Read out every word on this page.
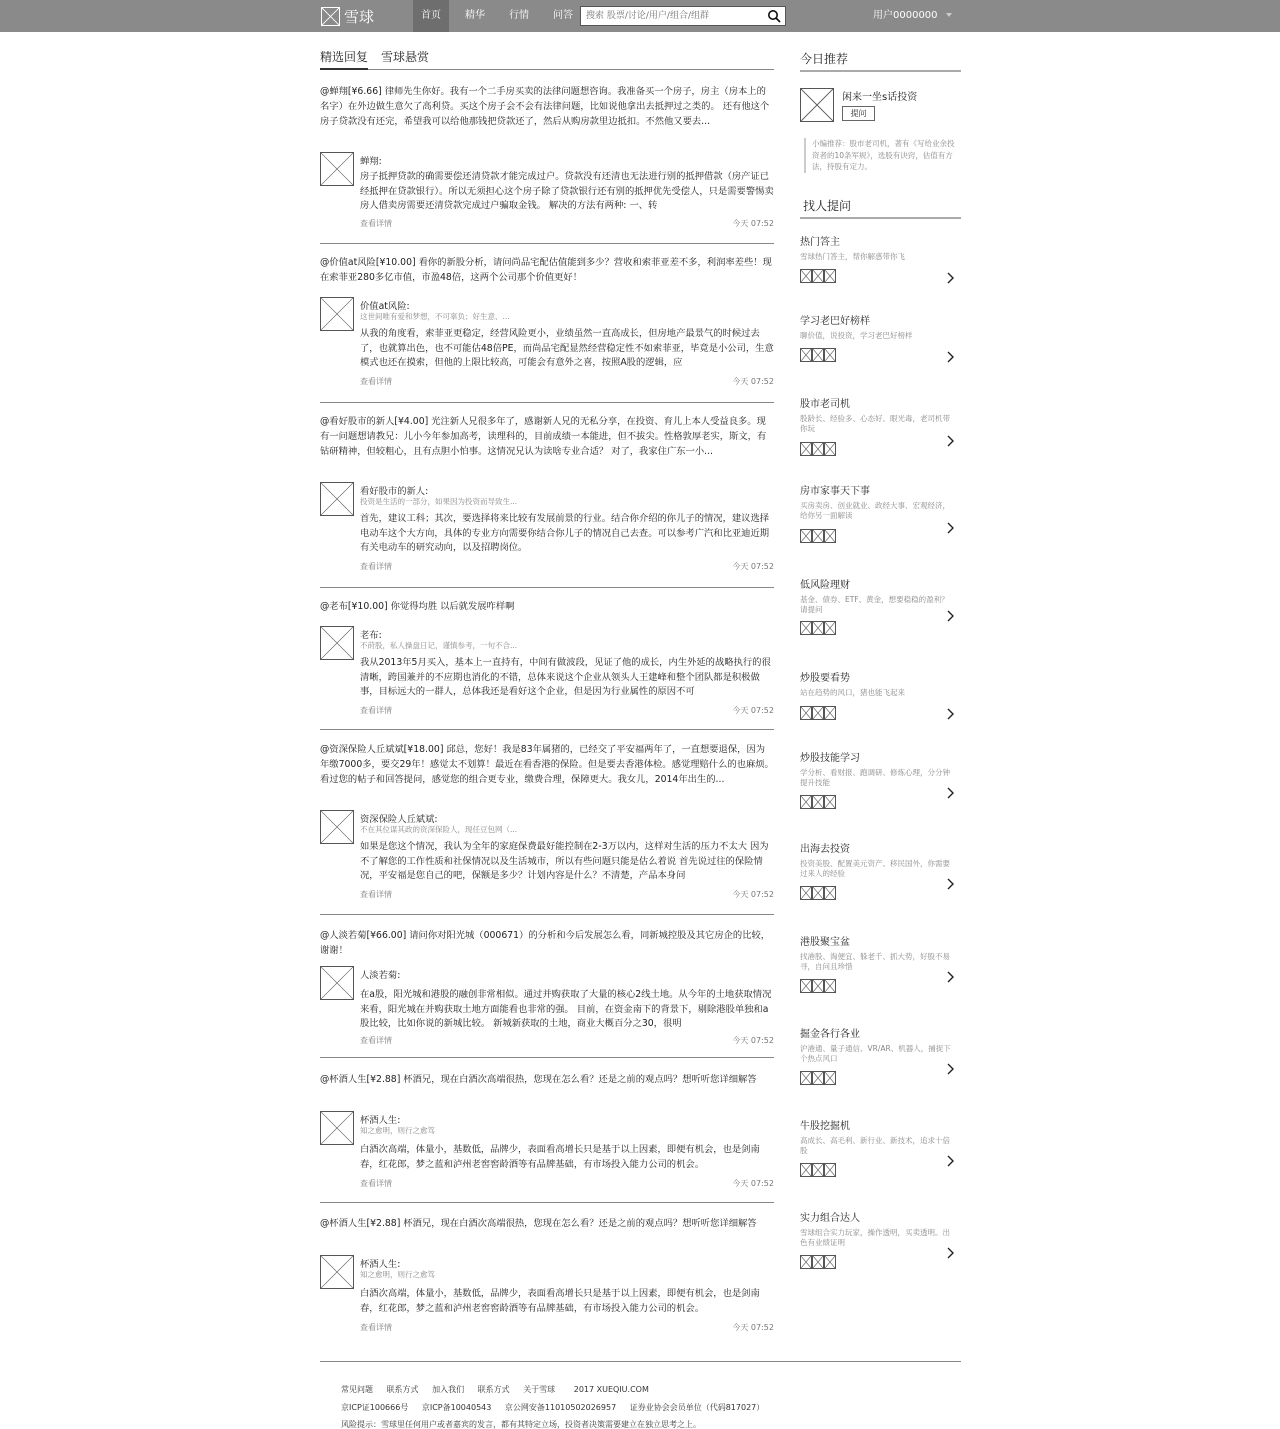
雪球	首页	精华	行情	问答
搜索 股票/讨论/用户/组合/组群	用户0000000
精选回复 雪球悬赏
@蝉翔[¥6.66] 律师先生你好。我有一个二手房买卖的法律问题想咨询。我准备买一个房子，房主（房本上的名字）在外边做生意欠了高利贷。买这个房子会不会有法律问题，比如说他拿出去抵押过之类的。 还有他这个房子贷款没有还完，希望我可以给他那钱把贷款还了，然后从购房款里边抵扣。不然他又要去...
蝉翔:
房子抵押贷款的确需要偿还清贷款才能完成过户。贷款没有还清也无法进行别的抵押借款（房产证已经抵押在贷款银行）。所以无须担心这个房子除了贷款银行还有别的抵押优先受偿人，只是需要警惕卖房人借卖房需要还清贷款完成过户骗取金钱。 解决的方法有两种: 一、转
查看详情	今天 07:52
@价值at风险[¥10.00] 看你的新股分析，请问尚品宅配估值能到多少？营收和索菲亚差不多，利润率差些！现在索菲亚280多亿市值，市盈48倍，这两个公司那个价值更好！
价值at风险:
这世间唯有爱和梦想，不可辜负；好生意、...
从我的角度看，索菲亚更稳定，经营风险更小，业绩虽然一直高成长，但房地产最景气的时候过去了，也就算出色，也不可能估48倍PE，而尚品宅配显然经营稳定性不如索菲亚，毕竟是小公司，生意模式也还在摸索，但他的上限比较高，可能会有意外之喜，按照A股的逻辑，应
查看详情	今天 07:52
@看好股市的新人[¥4.00] 光注新人兄很多年了，感谢新人兄的无私分享，在投资、育儿上本人受益良多。现有一问题想请教兄：儿小今年参加高考，读理科的，目前成绩一本能进，但不拔尖。性格敦厚老实，斯文，有钻研精神，但较粗心，且有点胆小怕事。这情况兄认为读啥专业合适？ 对了，我家住广东一小...
看好股市的新人:
投资是生活的一部分，如果因为投资而导致生...
首先，建议工科；其次，要选择将来比较有发展前景的行业。结合你介绍的你儿子的情况，建议选择电动车这个大方向，具体的专业方向需要你结合你儿子的情况自己去查。可以参考广汽和比亚迪近期有关电动车的研究动向，以及招聘岗位。
查看详情	今天 07:52
@老布[¥10.00] 你觉得均胜 以后就发展咋样啊
老布:
不莳股，私人操盘日记，谨慎参考，一句不合...
我从2013年5月买入，基本上一直持有，中间有做波段，见证了他的成长，内生外延的战略执行的很清晰，跨国兼并的不应期也消化的不错，总体来说这个企业从领头人王建峰和整个团队都是积极做事，目标远大的一群人，总体我还是看好这个企业，但是因为行业属性的原因不可
查看详情	今天 07:52
@资深保险人丘斌斌[¥18.00] 邱总，您好！我是83年属猪的，已经交了平安福两年了，一直想要退保，因为年缴7000多，要交29年！感觉太不划算！最近在看香港的保险。但是要去香港体检。感觉理赔什么的也麻烦。看过您的帖子和回答提问，感觉您的组合更专业，缴费合理，保障更大。我女儿，2014年出生的...
资深保险人丘斌斌:
不在其位谋其政的资深保险人，现任豆包网（...
如果是您这个情况，我认为全年的家庭保费最好能控制在2-3万以内，这样对生活的压力不太大 因为不了解您的工作性质和社保情况以及生活城市，所以有些问题只能是估么着说 首先说过往的保险情况，平安福是您自己的吧，保额是多少？计划内容是什么？不清楚，产品本身问
查看详情	今天 07:52
@人淡若菊[¥66.00] 请问你对阳光城（000671）的分析和今后发展怎么看，同新城控股及其它房企的比较，谢谢！
人淡若菊:
在a股，阳光城和港股的融创非常相似。通过并购获取了大量的核心2线土地。从今年的土地获取情况来看，阳光城在并购获取土地方面能看也非常的强。 目前，在资金南下的背景下，剔除港股单独和a股比较，比如你说的新城比较。 新城新获取的土地，商业大概百分之30，很明
查看详情	今天 07:52
@杯酒人生[¥2.88] 杯酒兄，现在白酒次高端很热，您现在怎么看？还是之前的观点吗？想听听您详细解答
杯酒人生:
知之愈明，则行之愈笃
白酒次高端，体量小，基数低，品牌少，表面看高增长只是基于以上因素，即便有机会，也是剑南春，红花郎，梦之蓝和泸州老窖窖龄酒等有品牌基础，有市场投入能力公司的机会。
查看详情	今天 07:52
@杯酒人生[¥2.88] 杯酒兄，现在白酒次高端很热，您现在怎么看？还是之前的观点吗？想听听您详细解答
杯酒人生:
知之愈明，则行之愈笃
白酒次高端，体量小，基数低，品牌少，表面看高增长只是基于以上因素，即便有机会，也是剑南春，红花郎，梦之蓝和泸州老窖窖龄酒等有品牌基础，有市场投入能力公司的机会。
查看详情	今天 07:52
今日推荐
闲来一坐s话投资
提问
小编推荐：股市老司机，著有《写给业余投资者的10条军规》，选股有诀窍，估值有方法，持股有定力。
找人提问
热门答主
雪球热门答主，帮你解惑带你飞
学习老巴好榜样
聊价值，说投资，学习老巴好榜样
股市老司机
股龄长、经验多、心态好、眼光毒，老司机带你玩
房市家事天下事
买房卖房、创业就业、政经大事、宏观经济，给你另一面解读
低风险理财
基金、债券、ETF、黄金，想要稳稳的盈利？请提问
炒股要看势
站在趋势的风口，猪也能飞起来
炒股技能学习
学分析、看财报、跑调研、修炼心理，分分钟提升技能
出海去投资
投资美股、配置美元资产、移民国外，你需要过来人的经验
港股聚宝盆
找港股、淘便宜、躲老千、抓大势，好股不易寻，自问且珍惜
掘金各行各业
沪港通、量子通信、VR/AR、机器人，捕捉下个热点风口
牛股挖掘机
高成长、高毛利、新行业、新技术，追求十倍股
实力组合达人
雪球组合实力玩家，操作透明，买卖透明。出色有业绩证明
常见问题 联系方式 加入我们 联系方式 关于雪球 2017 XUEQIU.COM
京ICP证100666号 京ICP备10040543 京公网安备11010502026957 证券业协会会员单位（代码817027）
风险提示：雪球里任何用户或者嘉宾的发言，都有其特定立场，投资者决策需要建立在独立思考之上。
